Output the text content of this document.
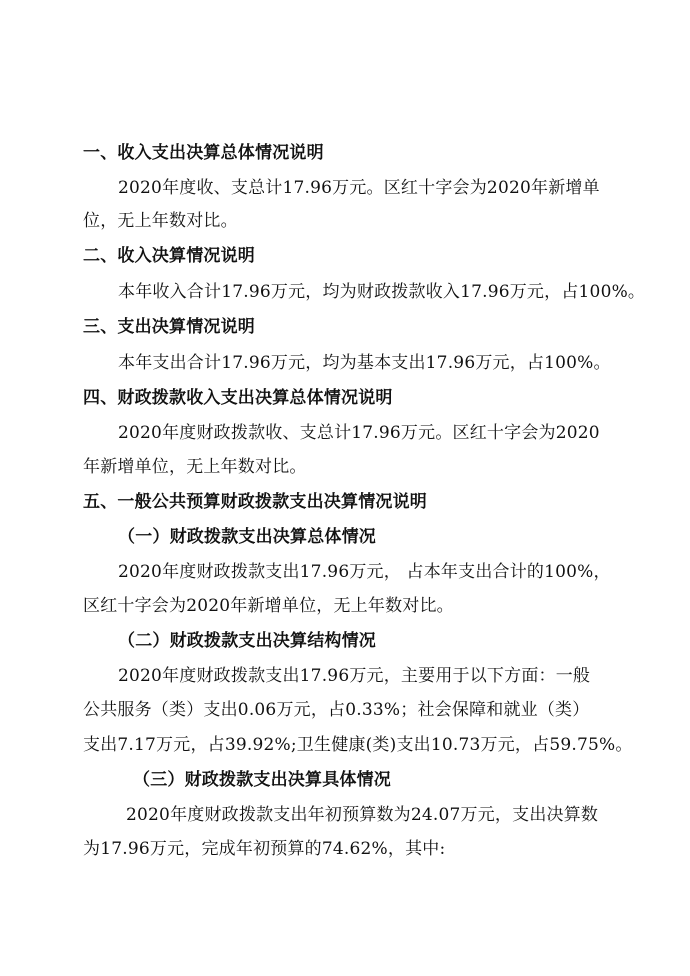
一、收入支出决算总体情况说明
2020年度收、支总计17.96万元。区红十字会为2020年新增单
位，无上年数对比。
二、收入决算情况说明
本年收入合计17.96万元，均为财政拨款收入17.96万元，占100%。
三、支出决算情况说明
本年支出合计17.96万元，均为基本支出17.96万元，占100%。
四、财政拨款收入支出决算总体情况说明
2020年度财政拨款收、支总计17.96万元。区红十字会为2020
年新增单位，无上年数对比。
五、一般公共预算财政拨款支出决算情况说明
（一）财政拨款支出决算总体情况
2020年度财政拨款支出17.96万元， 占本年支出合计的100%，
区红十字会为2020年新增单位，无上年数对比。
（二）财政拨款支出决算结构情况
2020年度财政拨款支出17.96万元，主要用于以下方面：一般
公共服务（类）支出0.06万元，占0.33%；社会保障和就业（类）
支出7.17万元，占39.92%;卫生健康(类)支出10.73万元，占59.75%。
（三）财政拨款支出决算具体情况
2020年度财政拨款支出年初预算数为24.07万元，支出决算数
为17.96万元，完成年初预算的74.62%，其中:
